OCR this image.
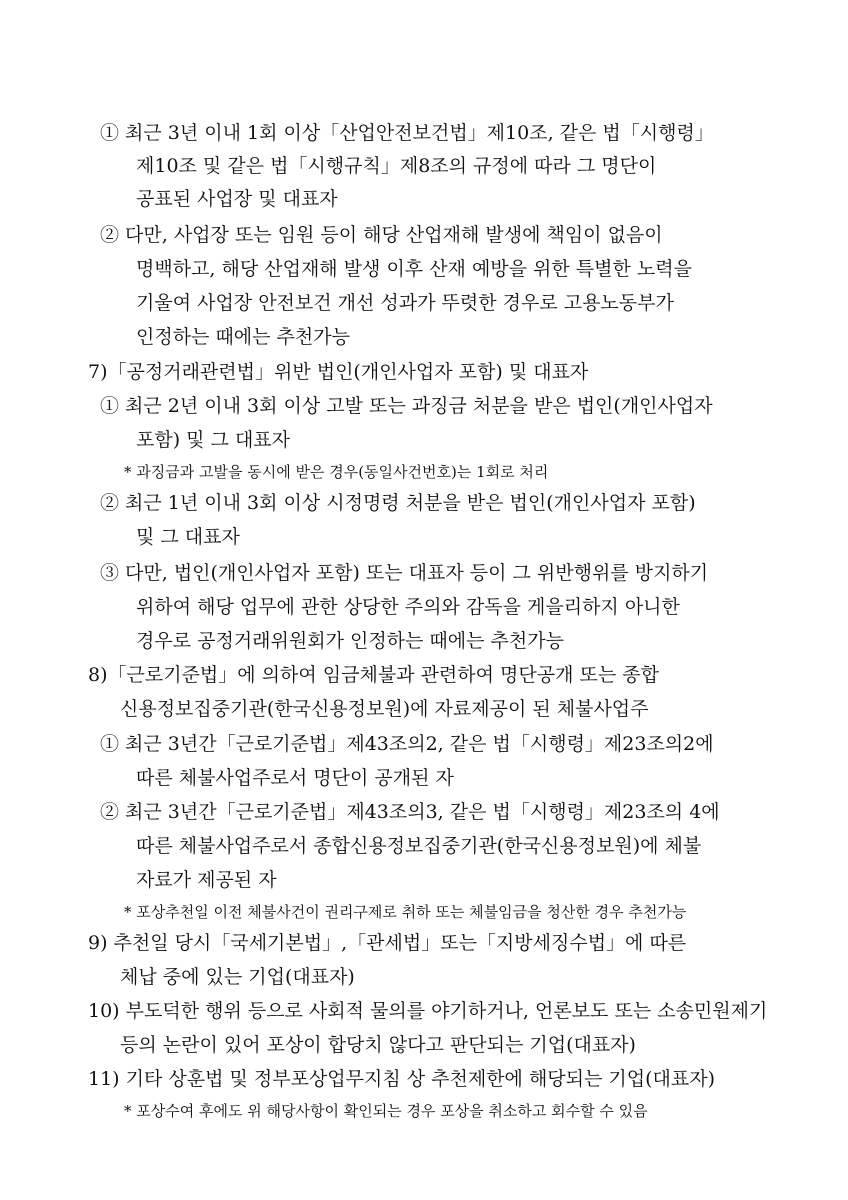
① 최근 3년 이내 1회 이상「산업안전보건법」제10조, 같은 법「시행령」
제10조 및 같은 법「시행규칙」제8조의 규정에 따라 그 명단이
공표된 사업장 및 대표자
② 다만, 사업장 또는 임원 등이 해당 산업재해 발생에 책임이 없음이
명백하고, 해당 산업재해 발생 이후 산재 예방을 위한 특별한 노력을
기울여 사업장 안전보건 개선 성과가 뚜렷한 경우로 고용노동부가
인정하는 때에는 추천가능
7)「공정거래관련법」위반 법인(개인사업자 포함) 및 대표자
① 최근 2년 이내 3회 이상 고발 또는 과징금 처분을 받은 법인(개인사업자
포함) 및 그 대표자
* 과징금과 고발을 동시에 받은 경우(동일사건번호)는 1회로 처리
② 최근 1년 이내 3회 이상 시정명령 처분을 받은 법인(개인사업자 포함)
및 그 대표자
③ 다만, 법인(개인사업자 포함) 또는 대표자 등이 그 위반행위를 방지하기
위하여 해당 업무에 관한 상당한 주의와 감독을 게을리하지 아니한
경우로 공정거래위원회가 인정하는 때에는 추천가능
8)「근로기준법」에 의하여 임금체불과 관련하여 명단공개 또는 종합
신용정보집중기관(한국신용정보원)에 자료제공이 된 체불사업주
① 최근 3년간「근로기준법」제43조의2, 같은 법「시행령」제23조의2에
따른 체불사업주로서 명단이 공개된 자
② 최근 3년간「근로기준법」제43조의3, 같은 법「시행령」제23조의 4에
따른 체불사업주로서 종합신용정보집중기관(한국신용정보원)에 체불
자료가 제공된 자
* 포상추천일 이전 체불사건이 권리구제로 취하 또는 체불임금을 청산한 경우 추천가능
9) 추천일 당시「국세기본법」,「관세법」또는「지방세징수법」에 따른
체납 중에 있는 기업(대표자)
10) 부도덕한 행위 등으로 사회적 물의를 야기하거나, 언론보도 또는 소송민원제기
등의 논란이 있어 포상이 합당치 않다고 판단되는 기업(대표자)
11) 기타 상훈법 및 정부포상업무지침 상 추천제한에 해당되는 기업(대표자)
* 포상수여 후에도 위 해당사항이 확인되는 경우 포상을 취소하고 회수할 수 있음
